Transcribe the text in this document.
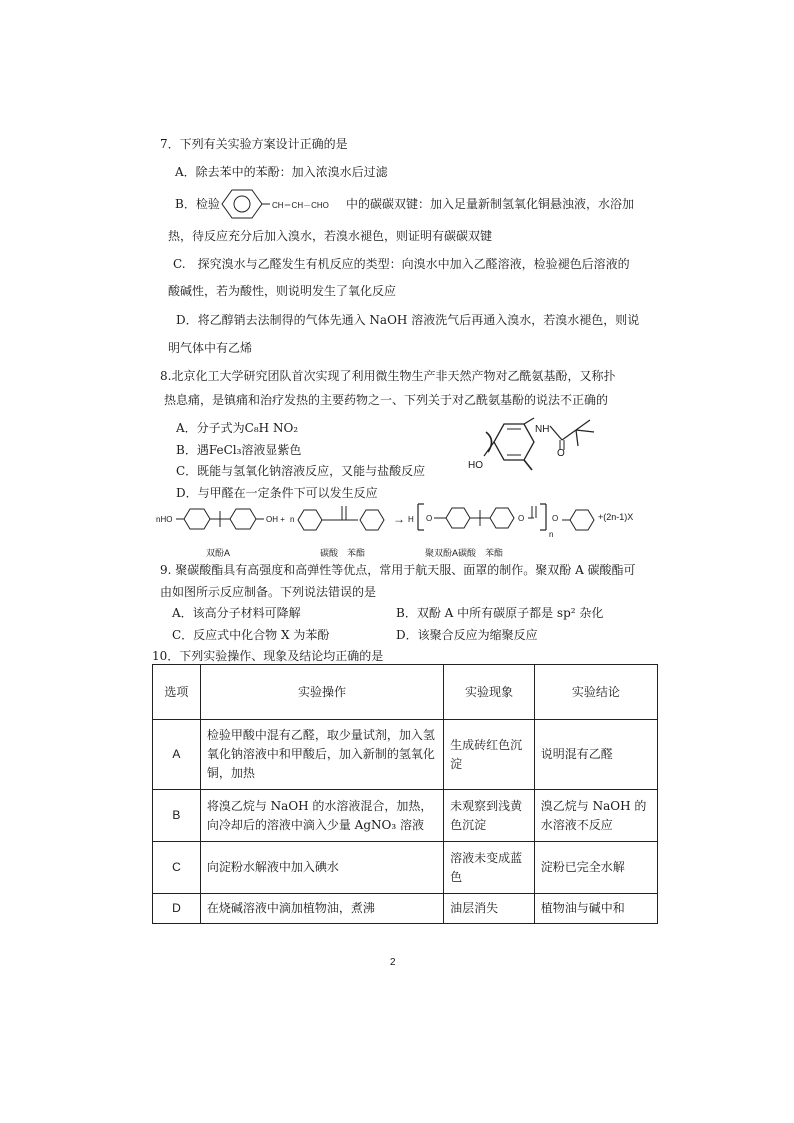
7．下列有关实验方案设计正确的是
A．除去苯中的苯酚：加入浓溴水后过滤
B．检验	CH＝CH－CHO 中的碳碳双键：加入足量新制氢氧化铜悬浊液，水浴加
热，待反应充分后加入溴水，若溴水褪色，则证明有碳碳双键
C.　探究溴水与乙醛发生有机反应的类型：向溴水中加入乙醛溶液，检验褪色后溶液的
酸碱性，若为酸性，则说明发生了氧化反应
D．将乙醇销去法制得的气体先通入 NaOH 溶液洗气后再通入溴水，若溴水褪色，则说
明气体中有乙烯
8.北京化工大学研究团队首次实现了利用微生物生产非天然产物对乙酰氨基酚，又称扑
热息痛，是镇痛和治疗发热的主要药物之一、下列关于对乙酰氨基酚的说法不正确的
A．分子式为C₈H NO₂
B．遇FeCl₃溶液显紫色
C．既能与氢氧化钠溶液反应，又能与盐酸反应
D．与甲醛在一定条件下可以发生反应
HO
NH
O
nHO	OH + n	→ H O	O
n
O	+(2n-1)X
双酚A	碳酸　苯酯	聚双酚A碳酸　苯酯
9. 聚碳酸酯具有高强度和高弹性等优点，常用于航天服、面罩的制作。聚双酚 A 碳酸酯可
由如图所示反应制备。下列说法错误的是
A．该高分子材料可降解	B．双酚 A 中所有碳原子都是 sp² 杂化
C．反应式中化合物 X 为苯酚	D．该聚合反应为缩聚反应
10．下列实验操作、现象及结论均正确的是
选项	实验操作	实验现象	实验结论
A	检验甲酸中混有乙醛，取少量试剂，加入氢氧化钠溶液中和甲酸后，加入新制的氢氧化铜，加热	生成砖红色沉淀	说明混有乙醛
B	将溴乙烷与 NaOH 的水溶液混合，加热，向冷却后的溶液中滴入少量 AgNO₃ 溶液	未观察到浅黄色沉淀	溴乙烷与 NaOH 的水溶液不反应
C	向淀粉水解液中加入碘水	溶液未变成蓝色	淀粉已完全水解
D	在烧碱溶液中滴加植物油，煮沸	油层消失	植物油与碱中和
2
